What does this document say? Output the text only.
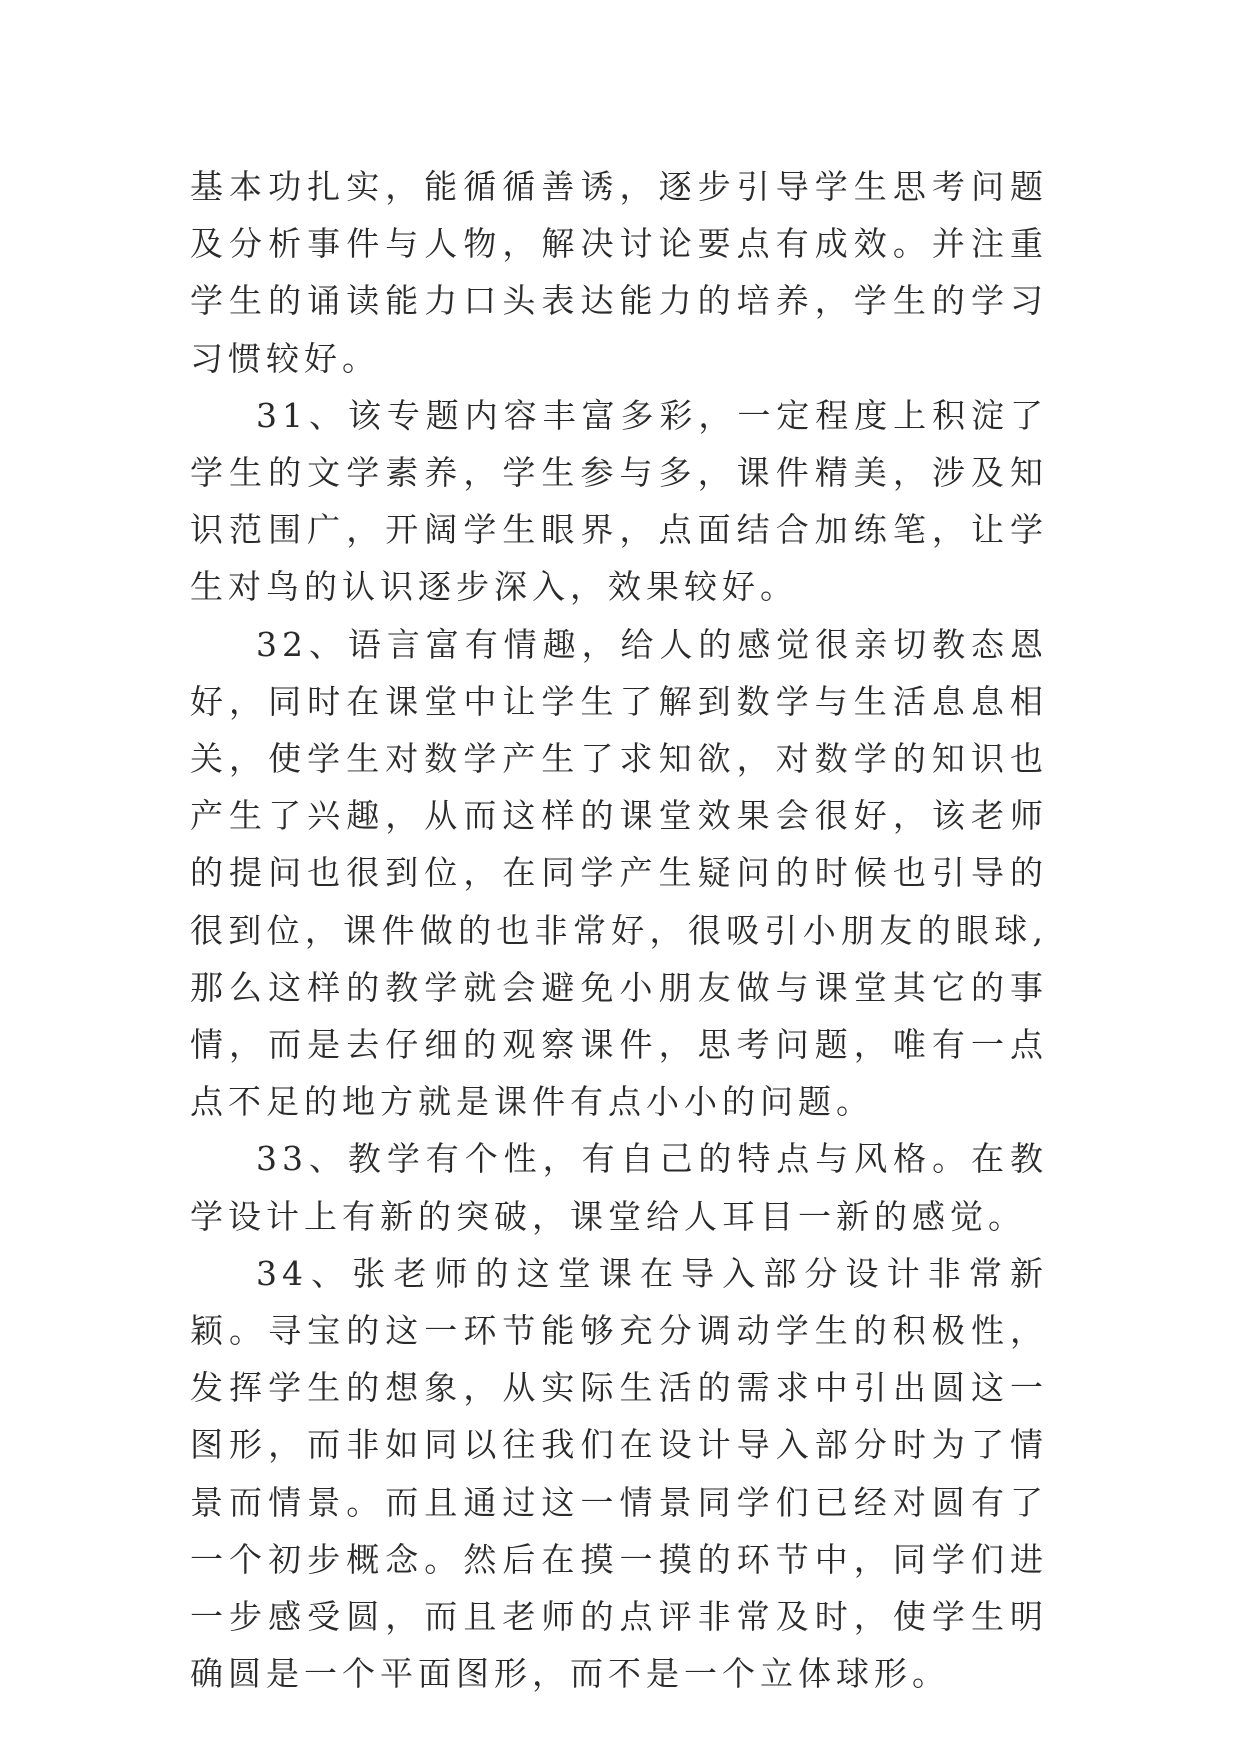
基本功扎实，能循循善诱，逐步引导学生思考问题及分析事件与人物，解决讨论要点有成效。并注重学生的诵读能力口头表达能力的培养，学生的学习习惯较好。

31、该专题内容丰富多彩，一定程度上积淀了学生的文学素养，学生参与多，课件精美，涉及知识范围广，开阔学生眼界，点面结合加练笔，让学生对鸟的认识逐步深入，效果较好。

32、语言富有情趣，给人的感觉很亲切教态恩好，同时在课堂中让学生了解到数学与生活息息相关，使学生对数学产生了求知欲，对数学的知识也产生了兴趣，从而这样的课堂效果会很好，该老师的提问也很到位，在同学产生疑问的时候也引导的很到位，课件做的也非常好，很吸引小朋友的眼球,那么这样的教学就会避免小朋友做与课堂其它的事情，而是去仔细的观察课件，思考问题，唯有一点点不足的地方就是课件有点小小的问题。

33、教学有个性，有自己的特点与风格。在教学设计上有新的突破，课堂给人耳目一新的感觉。

34、张老师的这堂课在导入部分设计非常新颖。寻宝的这一环节能够充分调动学生的积极性，发挥学生的想象，从实际生活的需求中引出圆这一图形，而非如同以往我们在设计导入部分时为了情景而情景。而且通过这一情景同学们已经对圆有了一个初步概念。然后在摸一摸的环节中，同学们进一步感受圆，而且老师的点评非常及时，使学生明确圆是一个平面图形，而不是一个立体球形。
